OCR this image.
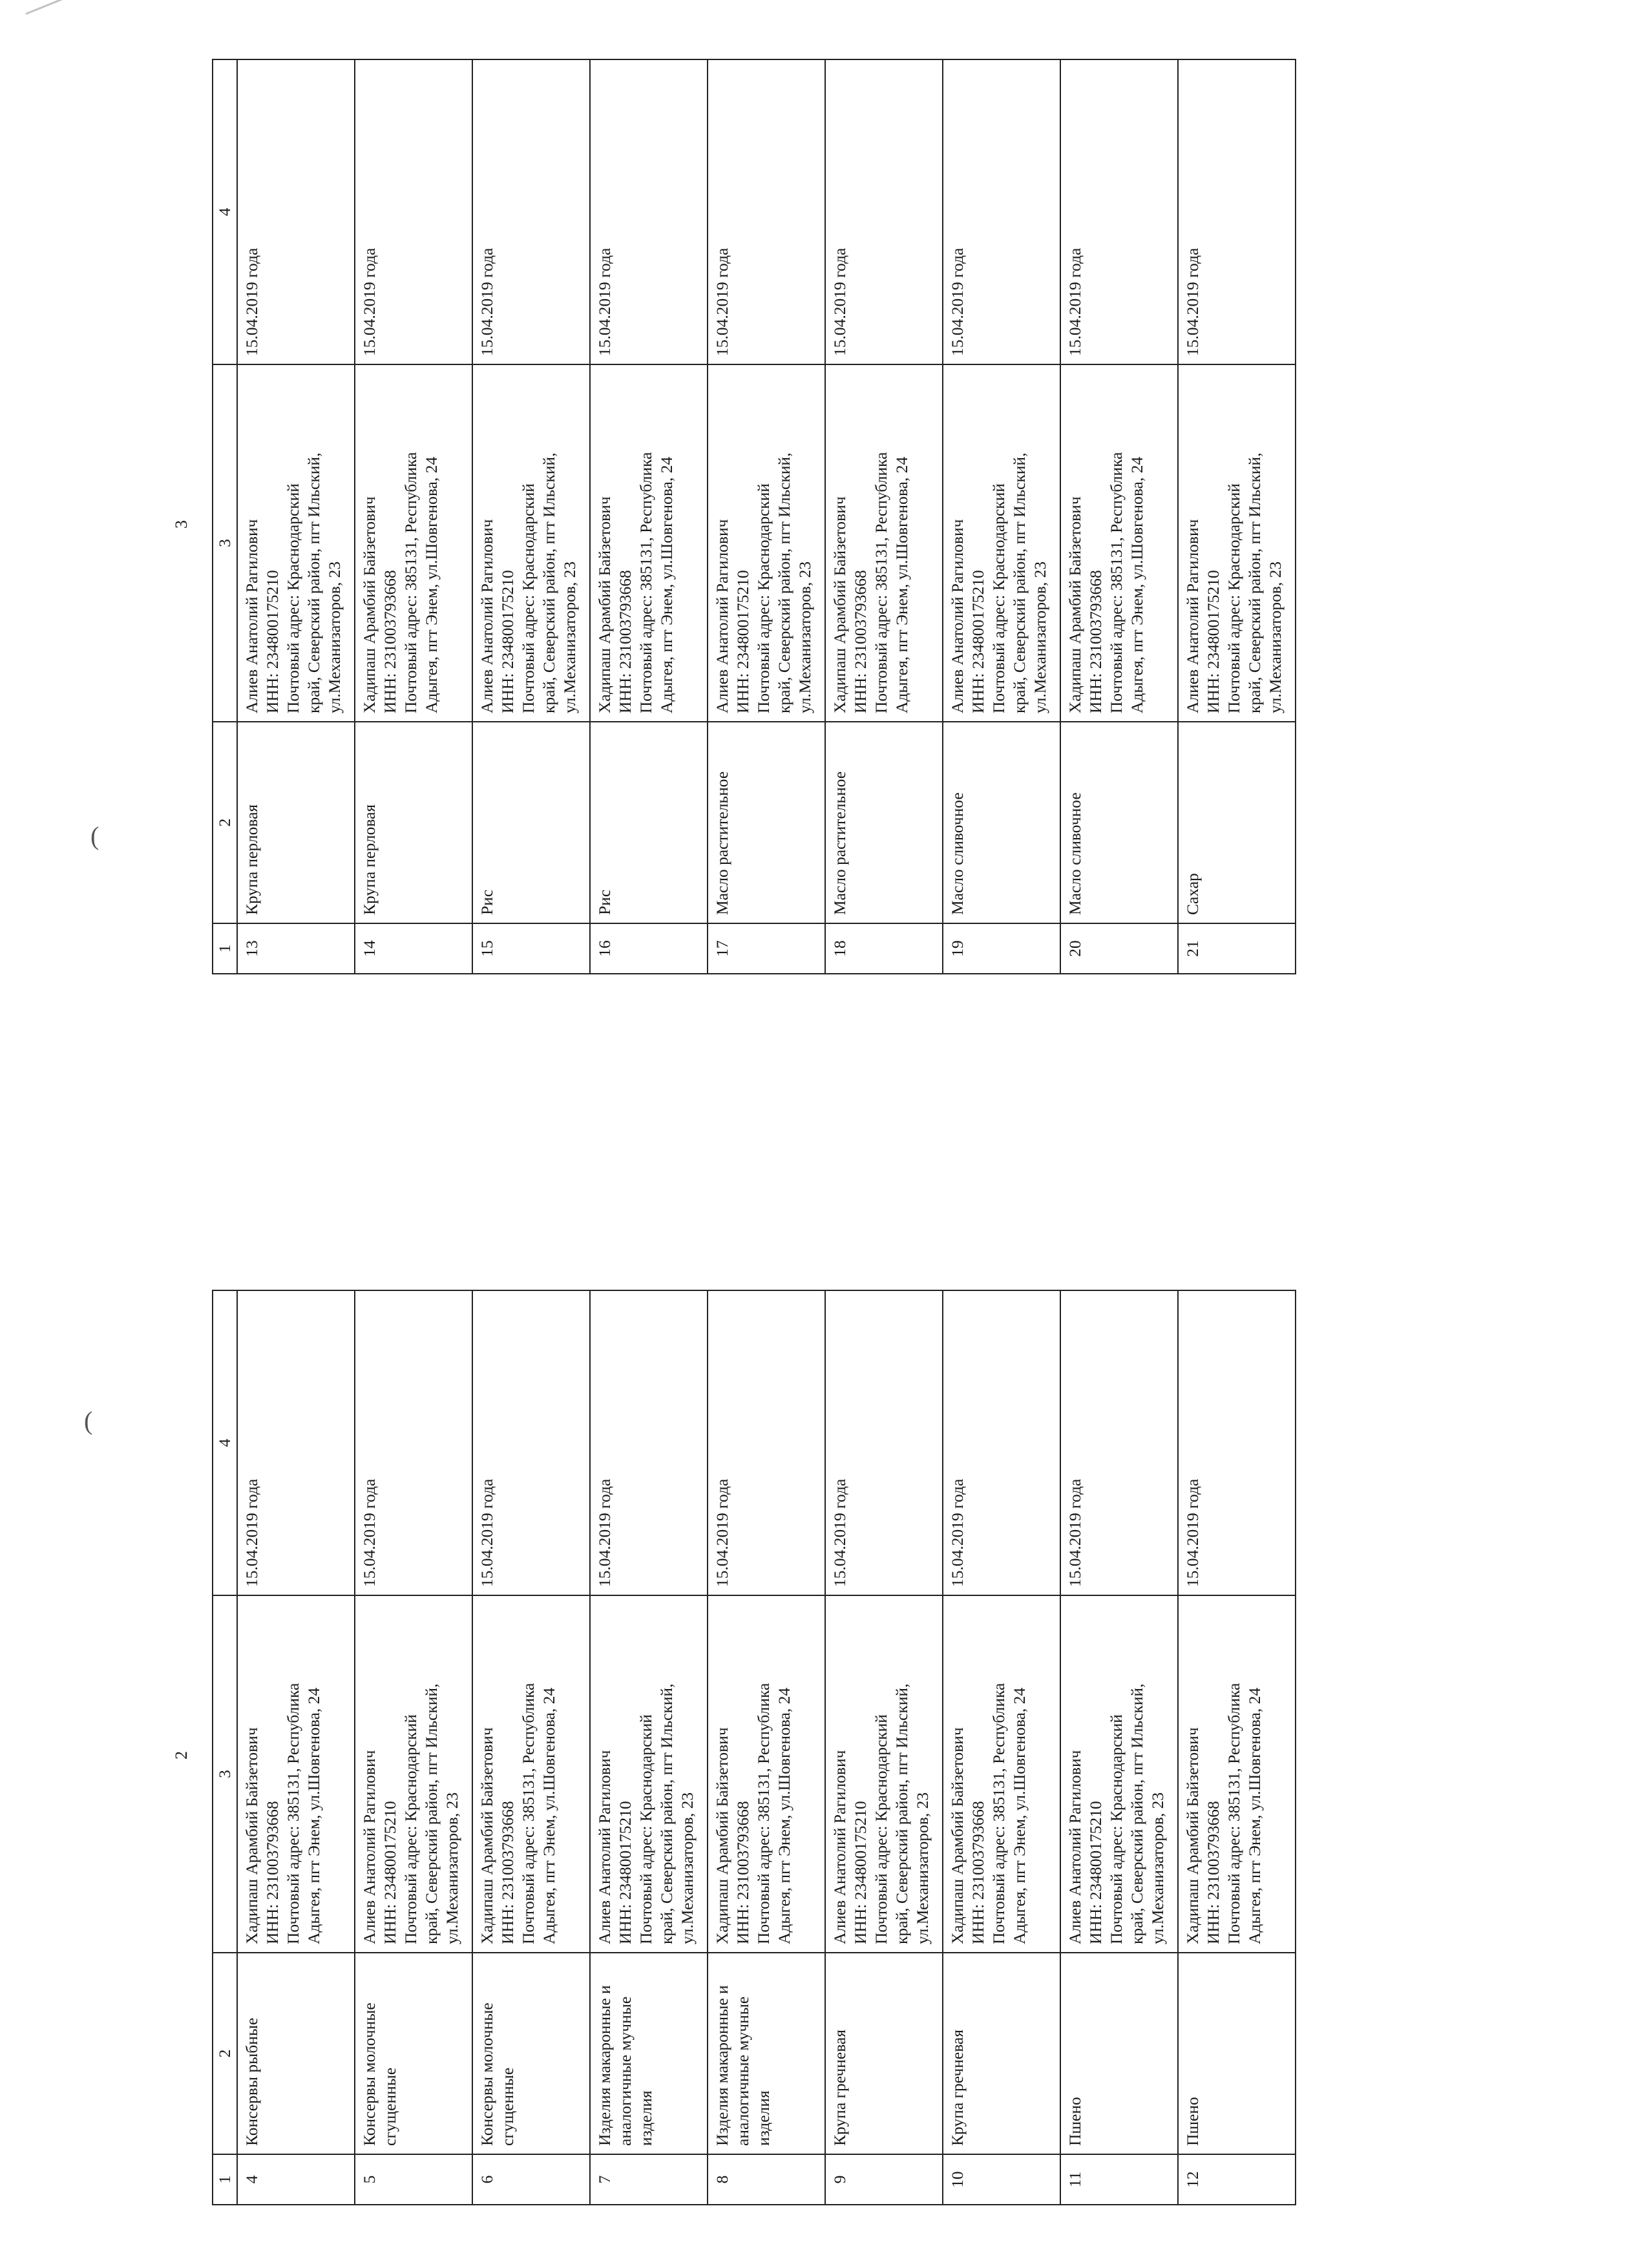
(
(
3
1	2	3	4
13	Крупа перловая	Алиев Анатолий Рагилович ИНН: 234800175210 Почтовый адрес: Краснодарский край, Северский район, пгт Ильский, ул.Механизаторов, 23	15.04.2019 года
14	Крупа перловая	Хадипаш Арамбий Байзетович ИНН: 231003793668 Почтовый адрес: 385131, Республика Адыгея, пгт Энем, ул.Шовгенова, 24	15.04.2019 года
15	Рис	Алиев Анатолий Рагилович ИНН: 234800175210 Почтовый адрес: Краснодарский край, Северский район, пгт Ильский, ул.Механизаторов, 23	15.04.2019 года
16	Рис	Хадипаш Арамбий Байзетович ИНН: 231003793668 Почтовый адрес: 385131, Республика Адыгея, пгт Энем, ул.Шовгенова, 24	15.04.2019 года
17	Масло растительное	Алиев Анатолий Рагилович ИНН: 234800175210 Почтовый адрес: Краснодарский край, Северский район, пгт Ильский, ул.Механизаторов, 23	15.04.2019 года
18	Масло растительное	Хадипаш Арамбий Байзетович ИНН: 231003793668 Почтовый адрес: 385131, Республика Адыгея, пгт Энем, ул.Шовгенова, 24	15.04.2019 года
19	Масло сливочное	Алиев Анатолий Рагилович ИНН: 234800175210 Почтовый адрес: Краснодарский край, Северский район, пгт Ильский, ул.Механизаторов, 23	15.04.2019 года
20	Масло сливочное	Хадипаш Арамбий Байзетович ИНН: 231003793668 Почтовый адрес: 385131, Республика Адыгея, пгт Энем, ул.Шовгенова, 24	15.04.2019 года
21	Сахар	Алиев Анатолий Рагилович ИНН: 234800175210 Почтовый адрес: Краснодарский край, Северский район, пгт Ильский, ул.Механизаторов, 23	15.04.2019 года
2
1	2	3	4
4	Консервы рыбные	Хадипаш Арамбий Байзетович ИНН: 231003793668 Почтовый адрес: 385131, Республика Адыгея, пгт Энем, ул.Шовгенова, 24	15.04.2019 года
5	Консервы молочные сгущенные	Алиев Анатолий Рагилович ИНН: 234800175210 Почтовый адрес: Краснодарский край, Северский район, пгт Ильский, ул.Механизаторов, 23	15.04.2019 года
6	Консервы молочные сгущенные	Хадипаш Арамбий Байзетович ИНН: 231003793668 Почтовый адрес: 385131, Республика Адыгея, пгт Энем, ул.Шовгенова, 24	15.04.2019 года
7	Изделия макаронные и аналогичные мучные изделия	Алиев Анатолий Рагилович ИНН: 234800175210 Почтовый адрес: Краснодарский край, Северский район, пгт Ильский, ул.Механизаторов, 23	15.04.2019 года
8	Изделия макаронные и аналогичные мучные изделия	Хадипаш Арамбий Байзетович ИНН: 231003793668 Почтовый адрес: 385131, Республика Адыгея, пгт Энем, ул.Шовгенова, 24	15.04.2019 года
9	Крупа гречневая	Алиев Анатолий Рагилович ИНН: 234800175210 Почтовый адрес: Краснодарский край, Северский район, пгт Ильский, ул.Механизаторов, 23	15.04.2019 года
10	Крупа гречневая	Хадипаш Арамбий Байзетович ИНН: 231003793668 Почтовый адрес: 385131, Республика Адыгея, пгт Энем, ул.Шовгенова, 24	15.04.2019 года
11	Пшено	Алиев Анатолий Рагилович ИНН: 234800175210 Почтовый адрес: Краснодарский край, Северский район, пгт Ильский, ул.Механизаторов, 23	15.04.2019 года
12	Пшено	Хадипаш Арамбий Байзетович ИНН: 231003793668 Почтовый адрес: 385131, Республика Адыгея, пгт Энем, ул.Шовгенова, 24	15.04.2019 года
